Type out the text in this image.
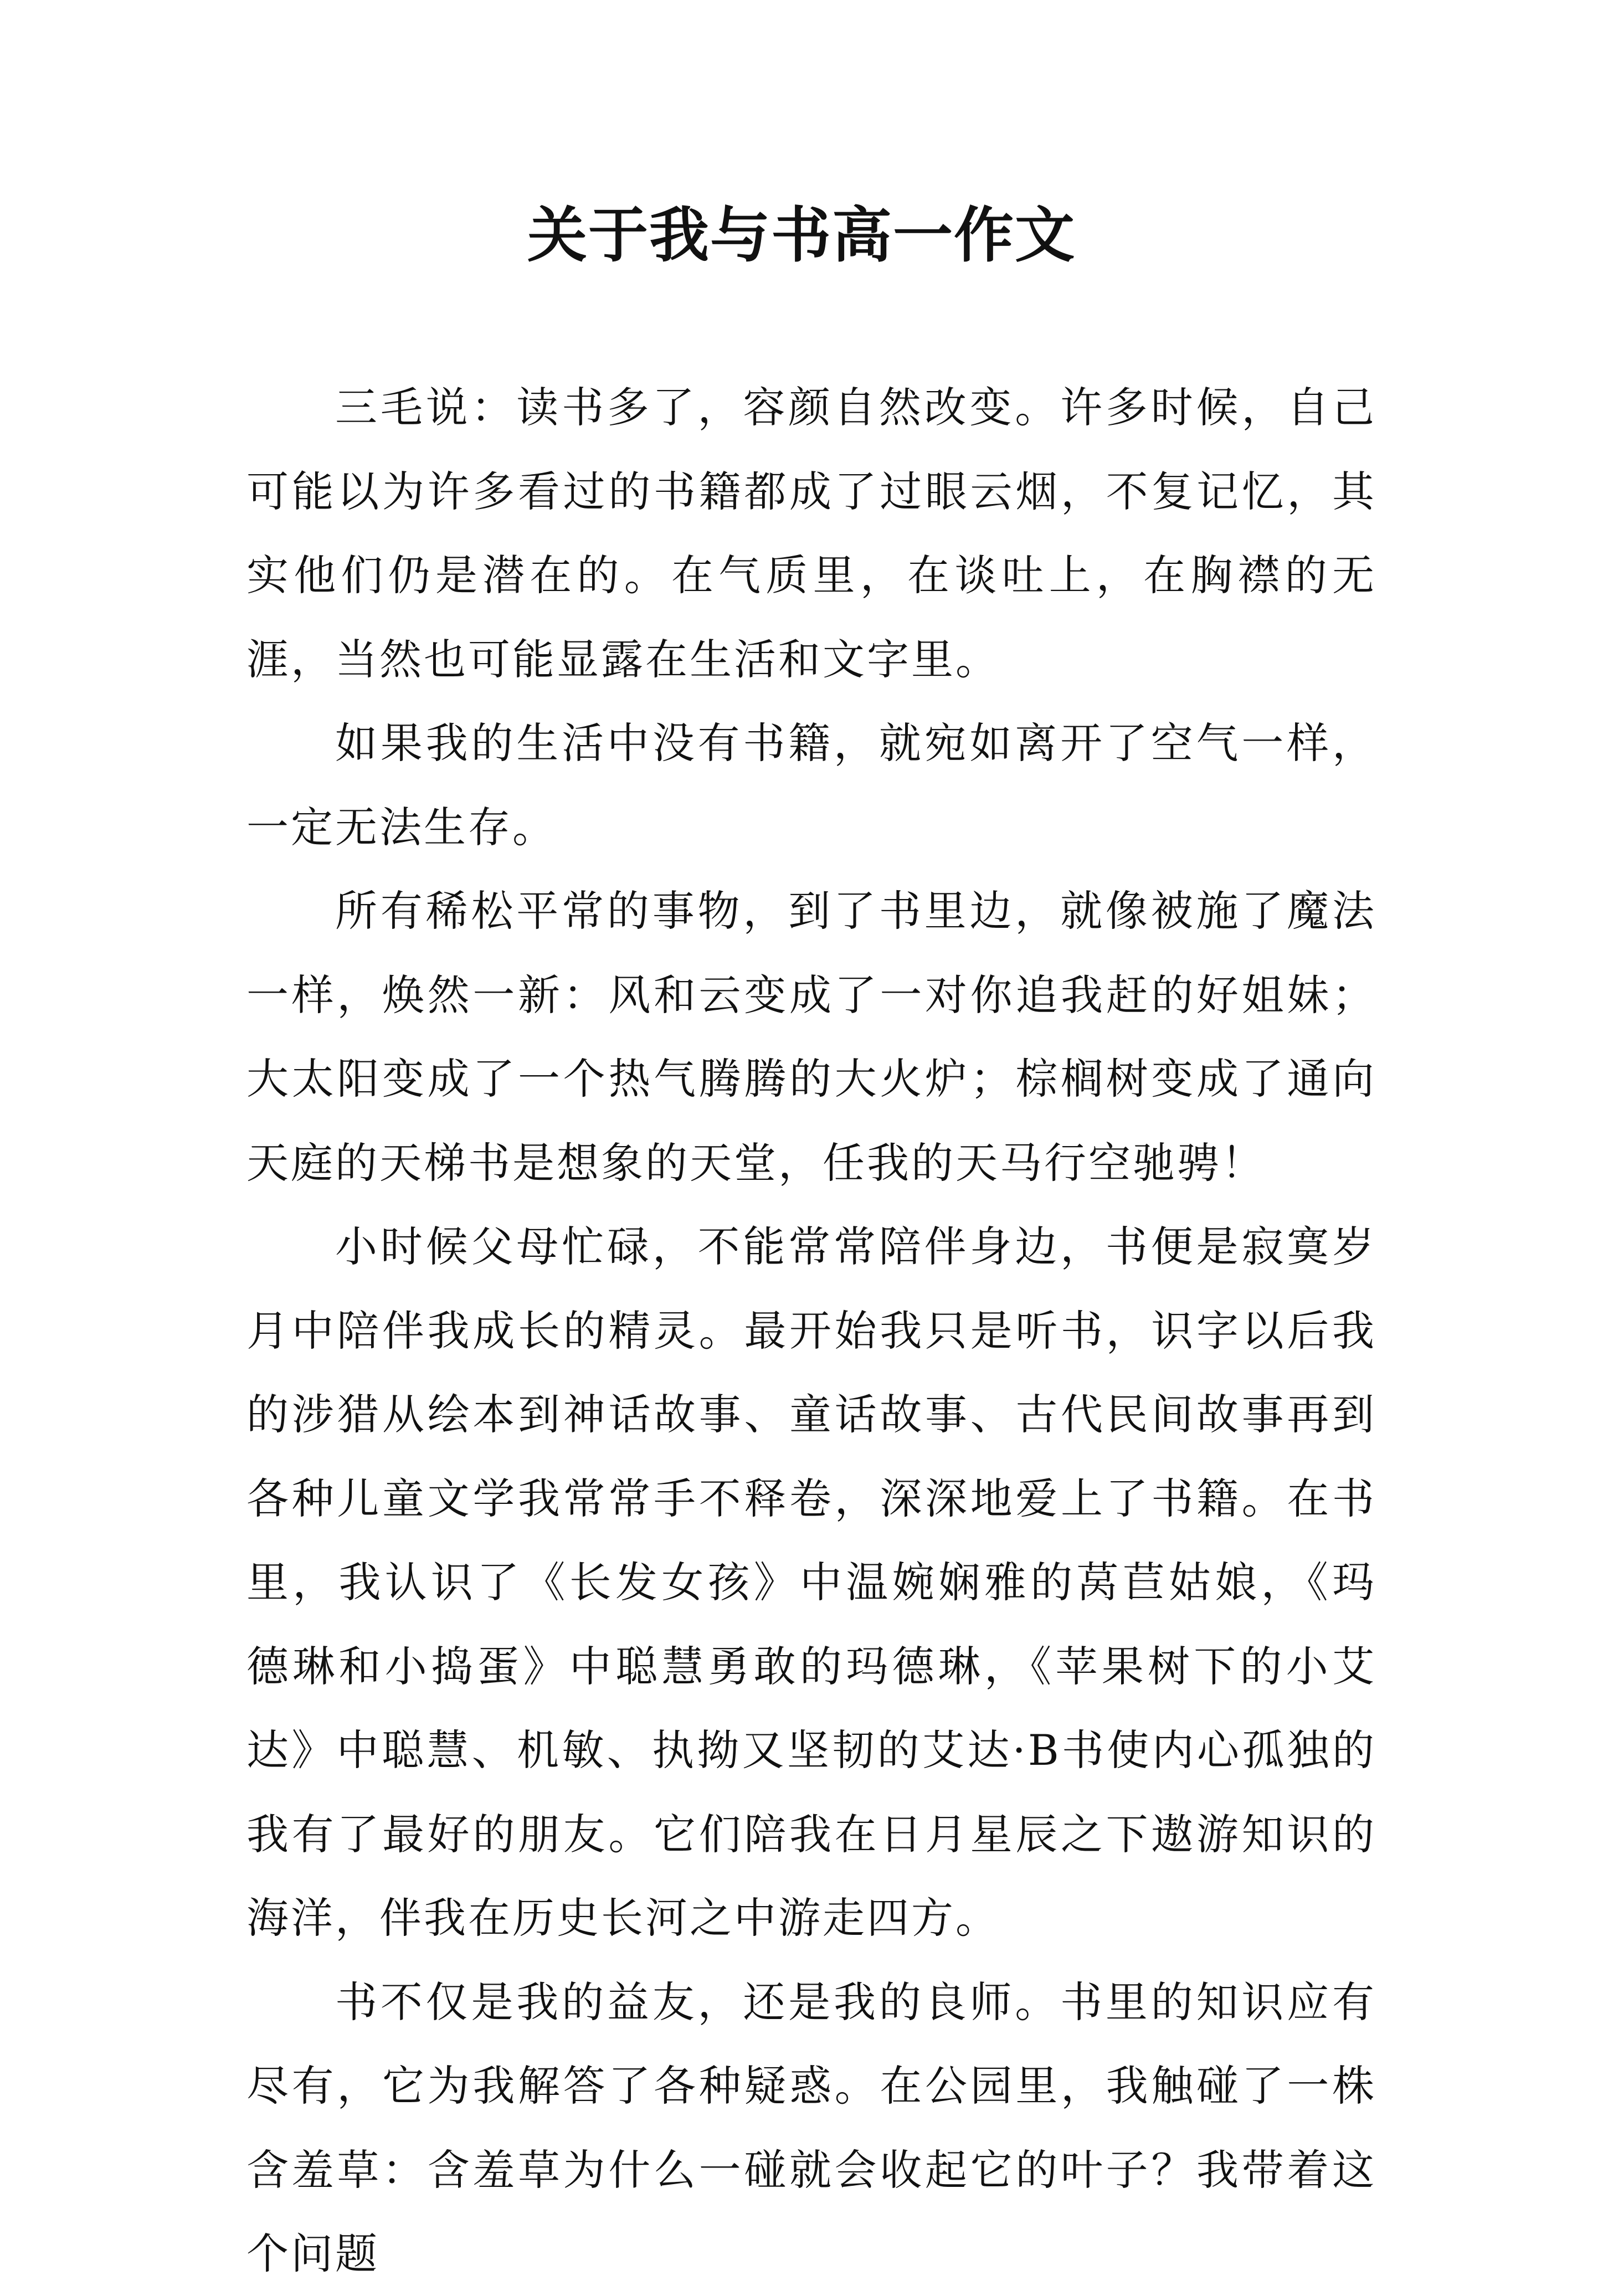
关于我与书高一作文

三毛说：读书多了，容颜自然改变。许多时候，自己可能以为许多看过的书籍都成了过眼云烟，不复记忆，其实他们仍是潜在的。在气质里，在谈吐上，在胸襟的无涯，当然也可能显露在生活和文字里。

如果我的生活中没有书籍，就宛如离开了空气一样，一定无法生存。

所有稀松平常的事物，到了书里边，就像被施了魔法一样，焕然一新：风和云变成了一对你追我赶的好姐妹；大太阳变成了一个热气腾腾的大火炉；棕榈树变成了通向天庭的天梯书是想象的天堂，任我的天马行空驰骋！

小时候父母忙碌，不能常常陪伴身边，书便是寂寞岁月中陪伴我成长的精灵。最开始我只是听书，识字以后我的涉猎从绘本到神话故事、童话故事、古代民间故事再到各种儿童文学我常常手不释卷，深深地爱上了书籍。在书里，我认识了《长发女孩》中温婉娴雅的莴苣姑娘，《玛德琳和小捣蛋》中聪慧勇敢的玛德琳，《苹果树下的小艾达》中聪慧、机敏、执拗又坚韧的艾达·B书使内心孤独的我有了最好的朋友。它们陪我在日月星辰之下遨游知识的海洋，伴我在历史长河之中游走四方。

书不仅是我的益友，还是我的良师。书里的知识应有尽有，它为我解答了各种疑惑。在公园里，我触碰了一株含羞草：含羞草为什么一碰就会收起它的叶子？我带着这个问题
